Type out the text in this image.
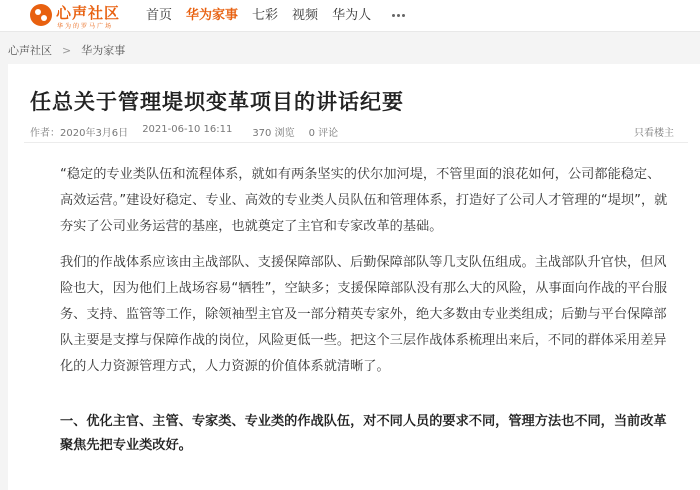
心声社区
华为的罗马广场
首页 华为家事 七彩 视频 华为人
心声社区 > 华为家事
任总关于管理堤坝变革项目的讲话纪要
作者：2020年3月6日 2021-06-10 16:11 370 浏览 0 评论	只看楼主

“稳定的专业类队伍和流程体系，就如有两条坚实的伏尔加河堤，不管里面的浪花如何，公司都能稳定、高效运营。”建设好稳定、专业、高效的专业类人员队伍和管理体系，打造好了公司人才管理的“堤坝”，就夯实了公司业务运营的基座，也就奠定了主官和专家改革的基础。

我们的作战体系应该由主战部队、支援保障部队、后勤保障部队等几支队伍组成。主战部队升官快，但风险也大，因为他们上战场容易“牺牲”，空缺多；支援保障部队没有那么大的风险，从事面向作战的平台服务、支持、监管等工作，除领袖型主官及一部分精英专家外，绝大多数由专业类组成；后勤与平台保障部队主要是支撑与保障作战的岗位，风险更低一些。把这个三层作战体系梳理出来后，不同的群体采用差异化的人力资源管理方式，人力资源的价值体系就清晰了。

一、优化主官、主管、专家类、专业类的作战队伍，对不同人员的要求不同，管理方法也不同，当前改革聚焦先把专业类改好。
